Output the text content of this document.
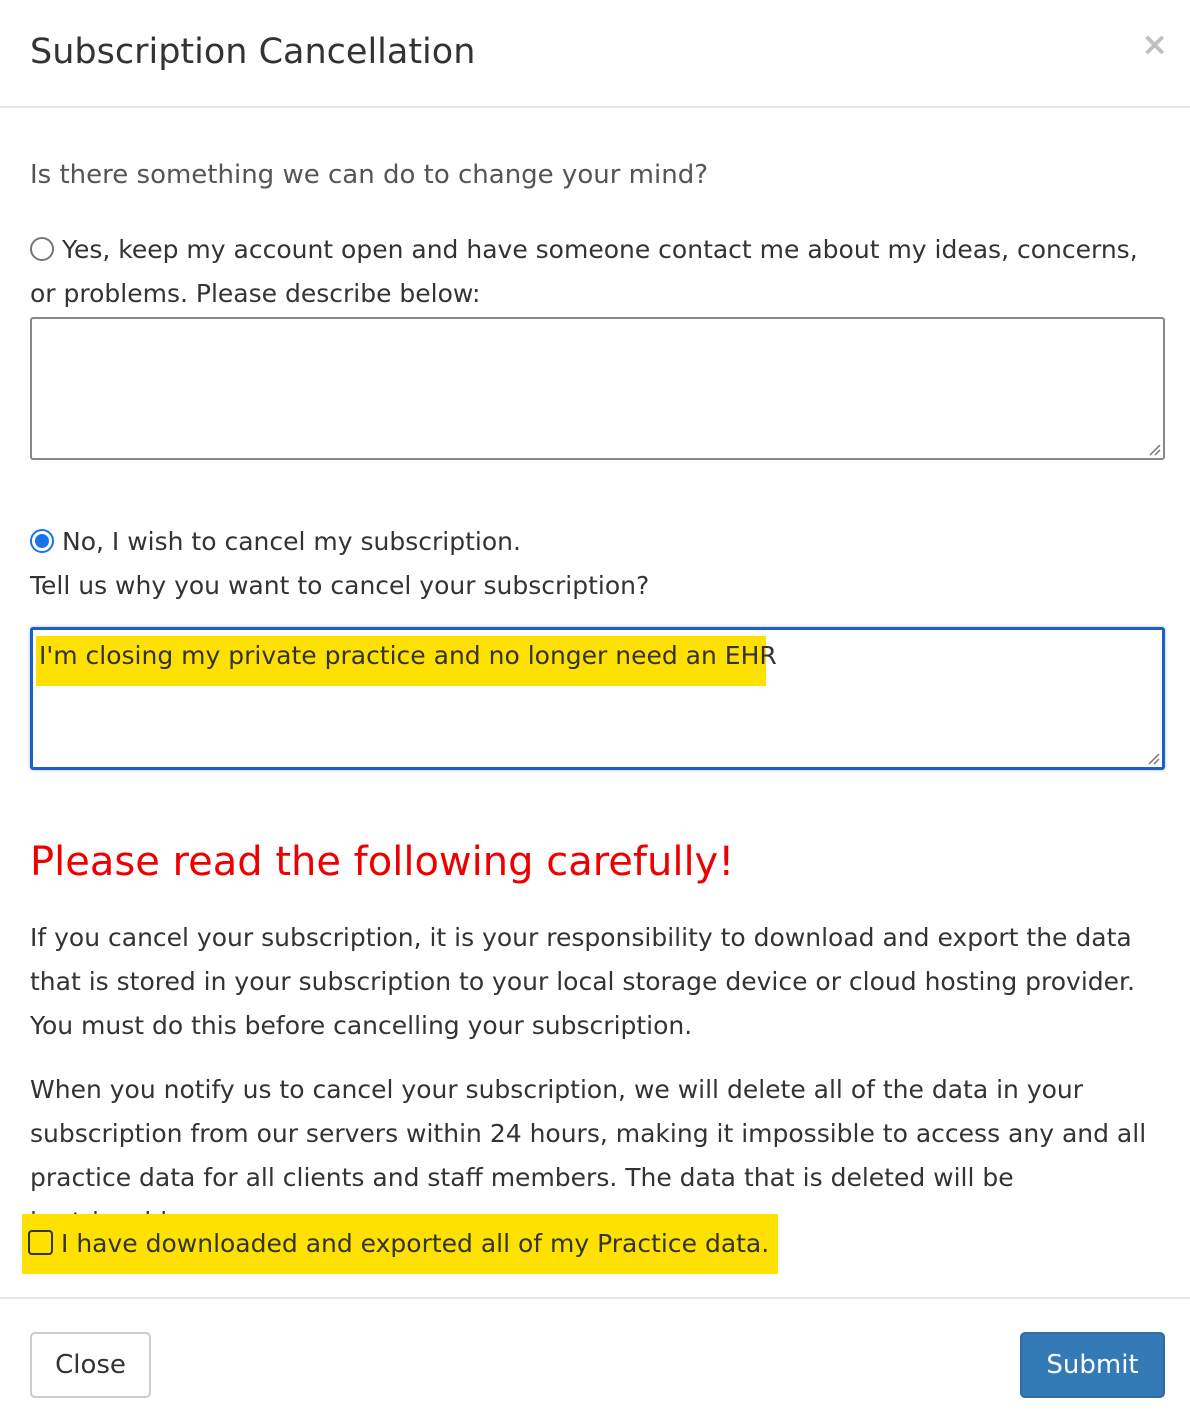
Subscription Cancellation	×
Is there something we can do to change your mind?
Yes, keep my account open and have someone contact me about my ideas, concerns, or problems. Please describe below:
No, I wish to cancel my subscription.
Tell us why you want to cancel your subscription?
I'm closing my private practice and no longer need an EHR
Please read the following carefully!

If you cancel your subscription, it is your responsibility to download and export the data that is stored in your subscription to your local storage device or cloud hosting provider. You must do this before cancelling your subscription.

When you notify us to cancel your subscription, we will delete all of the data in your subscription from our servers within 24 hours, making it impossible to access any and all practice data for all clients and staff members. The data that is deleted will be

I have downloaded and exported all of my Practice data.
Close	Submit
